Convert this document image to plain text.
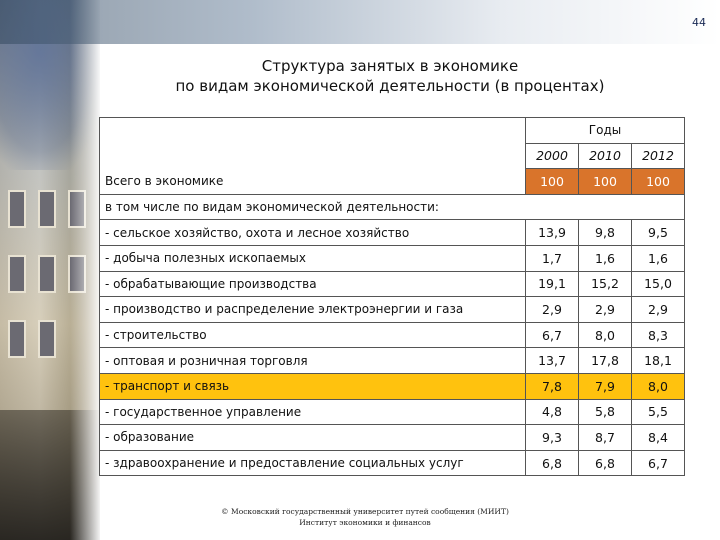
44
Структура занятых в экономике
по видам экономической деятельности (в процентах)
	Годы		
	2000	2010	2012
Всего в экономике	100	100	100
в том числе по видам экономической деятельности:			
- сельское хозяйство, охота и лесное хозяйство	13,9	9,8	9,5
- добыча полезных ископаемых	1,7	1,6	1,6
- обрабатывающие производства	19,1	15,2	15,0
- производство и распределение электроэнергии и газа	2,9	2,9	2,9
- строительство	6,7	8,0	8,3
- оптовая и розничная торговля	13,7	17,8	18,1
- транспорт и связь	7,8	7,9	8,0
- государственное управление	4,8	5,8	5,5
- образование	9,3	8,7	8,4
- здравоохранение и предоставление социальных услуг	6,8	6,8	6,7
© Московский государственный университет путей сообщения (МИИТ)
Институт экономики и финансов
